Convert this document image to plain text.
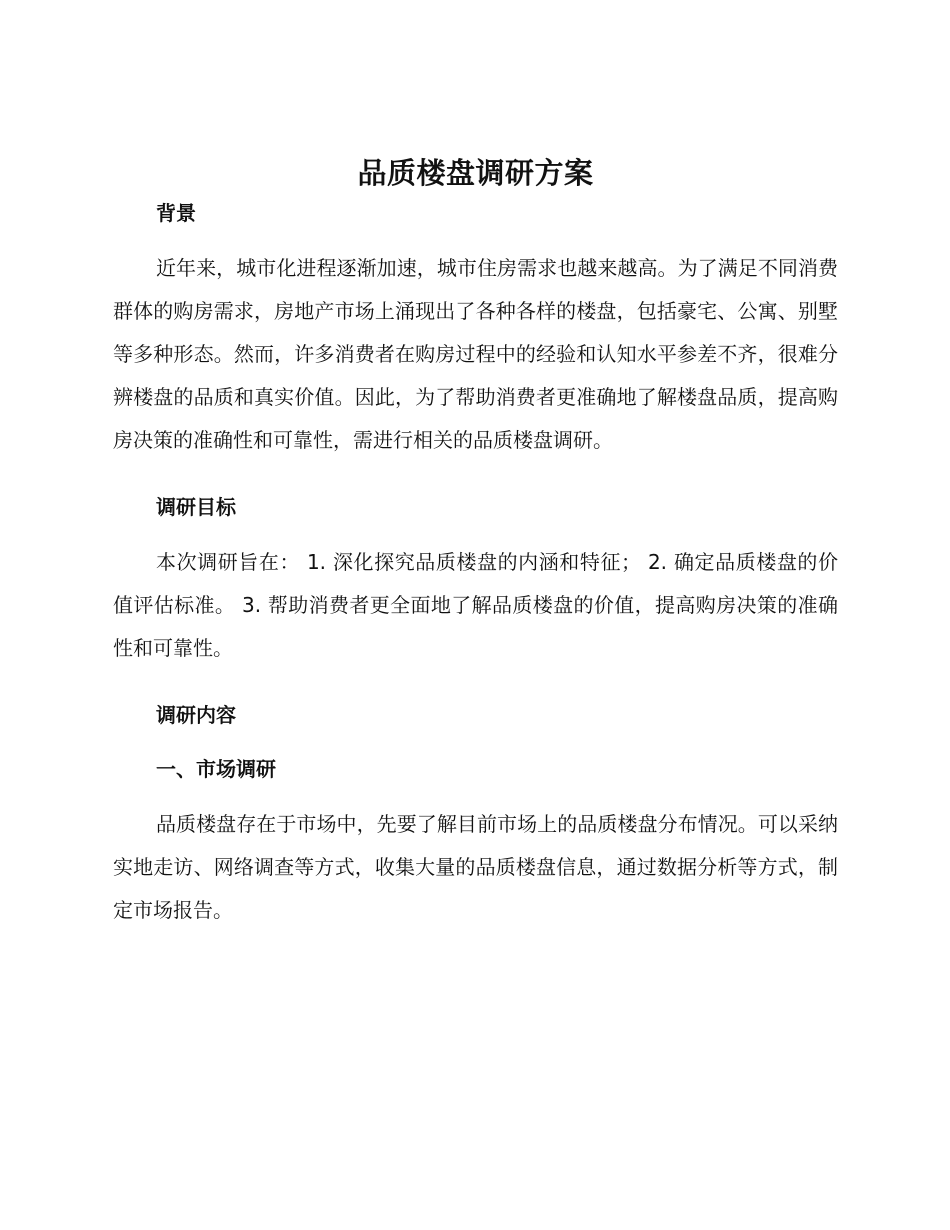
品质楼盘调研方案
背景

近年来，城市化进程逐渐加速，城市住房需求也越来越高。为了满足不同消费群体的购房需求，房地产市场上涌现出了各种各样的楼盘，包括豪宅、公寓、别墅等多种形态。然而，许多消费者在购房过程中的经验和认知水平参差不齐，很难分辨楼盘的品质和真实价值。因此，为了帮助消费者更准确地了解楼盘品质，提高购房决策的准确性和可靠性，需进行相关的品质楼盘调研。

调研目标

本次调研旨在： 1. 深化探究品质楼盘的内涵和特征； 2. 确定品质楼盘的价值评估标准。 3. 帮助消费者更全面地了解品质楼盘的价值，提高购房决策的准确性和可靠性。

调研内容
一、市场调研

品质楼盘存在于市场中，先要了解目前市场上的品质楼盘分布情况。可以采纳实地走访、网络调查等方式，收集大量的品质楼盘信息，通过数据分析等方式，制定市场报告。
